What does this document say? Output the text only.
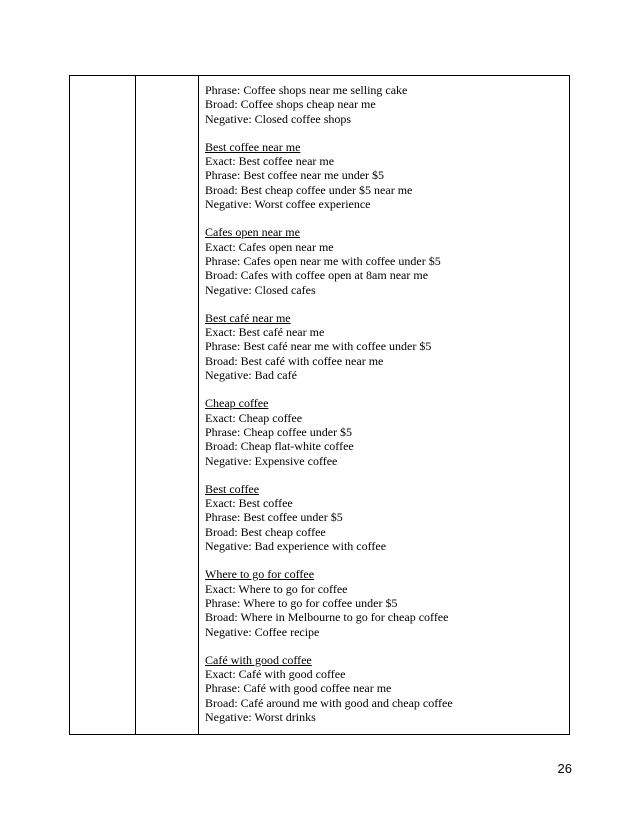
Phrase: Coffee shops near me selling cake
Broad: Coffee shops cheap near me
Negative: Closed coffee shops
Best coffee near me
Exact: Best coffee near me
Phrase: Best coffee near me under $5
Broad: Best cheap coffee under $5 near me
Negative: Worst coffee experience
Cafes open near me
Exact: Cafes open near me
Phrase: Cafes open near me with coffee under $5
Broad: Cafes with coffee open at 8am near me
Negative: Closed cafes
Best café near me
Exact: Best café near me
Phrase: Best café near me with coffee under $5
Broad: Best café with coffee near me
Negative: Bad café
Cheap coffee
Exact: Cheap coffee
Phrase: Cheap coffee under $5
Broad: Cheap flat-white coffee
Negative: Expensive coffee
Best coffee
Exact: Best coffee
Phrase: Best coffee under $5
Broad: Best cheap coffee
Negative: Bad experience with coffee
Where to go for coffee
Exact: Where to go for coffee
Phrase: Where to go for coffee under $5
Broad: Where in Melbourne to go for cheap coffee
Negative: Coffee recipe
Café with good coffee
Exact: Café with good coffee
Phrase: Café with good coffee near me
Broad: Café around me with good and cheap coffee
Negative: Worst drinks
26
